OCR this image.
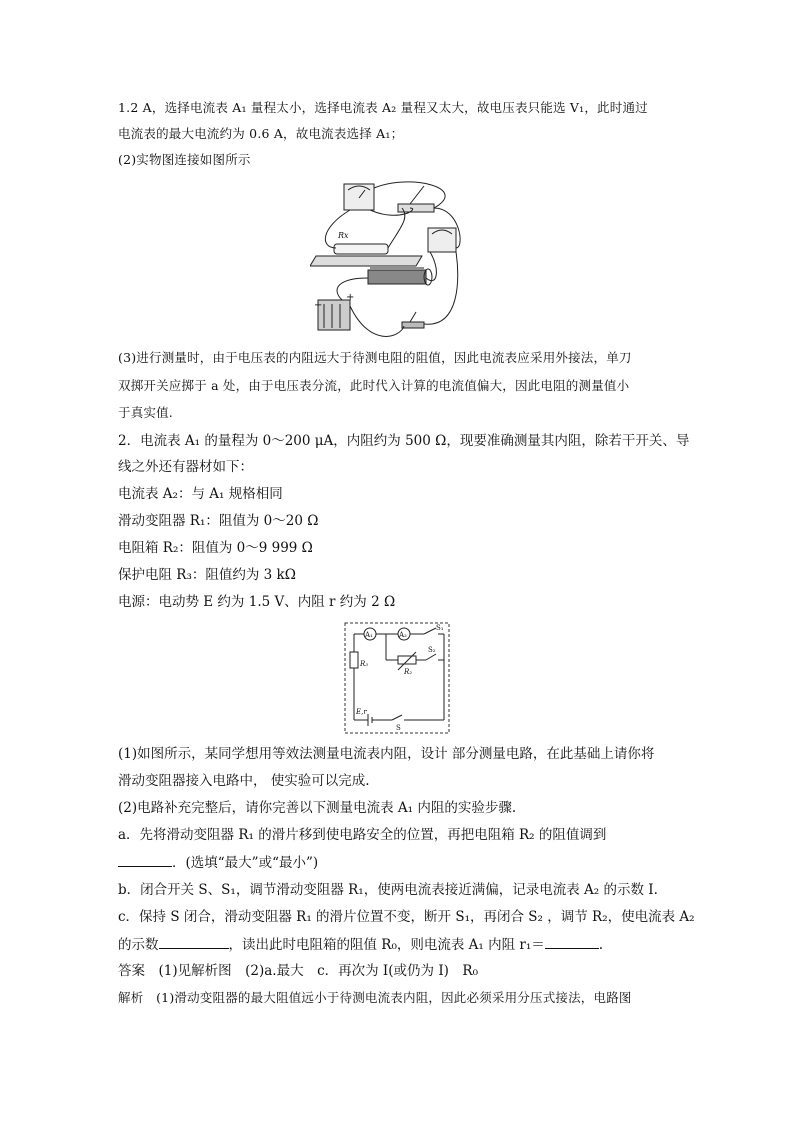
1.2 A，选择电流表 A₁ 量程太小，选择电流表 A₂ 量程又太大，故电压表只能选 V₁，此时通过
电流表的最大电流约为 0.6 A，故电流表选择 A₁；
(2)实物图连接如图所示
Rx
−
+
(3)进行测量时，由于电压表的内阻远大于待测电阻的阻值，因此电流表应采用外接法，单刀
双掷开关应掷于 a 处，由于电压表分流，此时代入计算的电流值偏大，因此电阻的测量值小
于真实值.
2．电流表 A₁ 的量程为 0～200 μA，内阻约为 500 Ω，现要准确测量其内阻，除若干开关、导
线之外还有器材如下：
电流表 A₂：与 A₁ 规格相同
滑动变阻器 R₁：阻值为 0～20 Ω
电阻箱 R₂：阻值为 0～9 999 Ω
保护电阻 R₃：阻值约为 3 kΩ
电源：电动势 E 约为 1.5 V、内阻 r 约为 2 Ω
A₁	A₂
S₁
S₂
R₂
R₃
E,r
S
(1)如图所示，某同学想用等效法测量电流表内阻，设计 部分测量电路，在此基础上请你将
滑动变阻器接入电路中， 使实验可以完成.
(2)电路补充完整后，请你完善以下测量电流表 A₁ 内阻的实验步骤.
a．先将滑动变阻器 R₁ 的滑片移到使电路安全的位置，再把电阻箱 R₂ 的阻值调到
．(选填“最大”或“最小”)
b．闭合开关 S、S₁，调节滑动变阻器 R₁，使两电流表接近满偏，记录电流表 A₂ 的示数 I.
c．保持 S 闭合，滑动变阻器 R₁ 的滑片位置不变，断开 S₁，再闭合 S₂ ，调节 R₂，使电流表 A₂
的示数	，读出此时电阻箱的阻值 R₀，则电流表 A₁ 内阻 r₁＝	.
答案　(1)见解析图　(2)a.最大　c．再次为 I(或仍为 I)　R₀
解析　(1)滑动变阻器的最大阻值远小于待测电流表内阻，因此必须采用分压式接法，电路图
